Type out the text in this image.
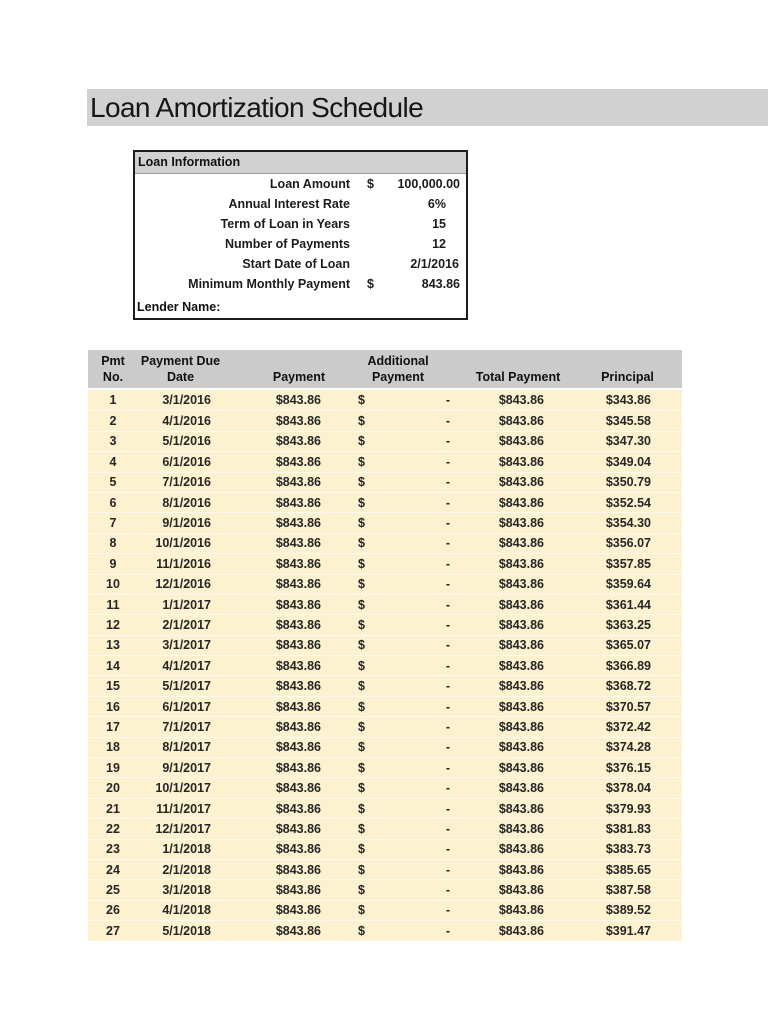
Loan Amortization Schedule
Loan Information
Loan Amount $ 100,000.00
Annual Interest Rate	6%
Term of Loan in Years	15
Number of Payments	12
Start Date of Loan	2/1/2016
Minimum Monthly Payment $	843.86
Lender Name:
Pmt
No.
Payment Due
Date	Payment
Additional
Payment	Total Payment	Principal
1	3/1/2016	$843.86	$	-	$843.86	$343.86
2	4/1/2016	$843.86	$	-	$843.86	$345.58
3	5/1/2016	$843.86	$	-	$843.86	$347.30
4	6/1/2016	$843.86	$	-	$843.86	$349.04
5	7/1/2016	$843.86	$	-	$843.86	$350.79
6	8/1/2016	$843.86	$	-	$843.86	$352.54
7	9/1/2016	$843.86	$	-	$843.86	$354.30
8	10/1/2016	$843.86	$	-	$843.86	$356.07
9	11/1/2016	$843.86	$	-	$843.86	$357.85
10	12/1/2016	$843.86	$	-	$843.86	$359.64
11	1/1/2017	$843.86	$	-	$843.86	$361.44
12	2/1/2017	$843.86	$	-	$843.86	$363.25
13	3/1/2017	$843.86	$	-	$843.86	$365.07
14	4/1/2017	$843.86	$	-	$843.86	$366.89
15	5/1/2017	$843.86	$	-	$843.86	$368.72
16	6/1/2017	$843.86	$	-	$843.86	$370.57
17	7/1/2017	$843.86	$	-	$843.86	$372.42
18	8/1/2017	$843.86	$	-	$843.86	$374.28
19	9/1/2017	$843.86	$	-	$843.86	$376.15
20	10/1/2017	$843.86	$	-	$843.86	$378.04
21	11/1/2017	$843.86	$	-	$843.86	$379.93
22	12/1/2017	$843.86	$	-	$843.86	$381.83
23	1/1/2018	$843.86	$	-	$843.86	$383.73
24	2/1/2018	$843.86	$	-	$843.86	$385.65
25	3/1/2018	$843.86	$	-	$843.86	$387.58
26	4/1/2018	$843.86	$	-	$843.86	$389.52
27	5/1/2018	$843.86	$	-	$843.86	$391.47
